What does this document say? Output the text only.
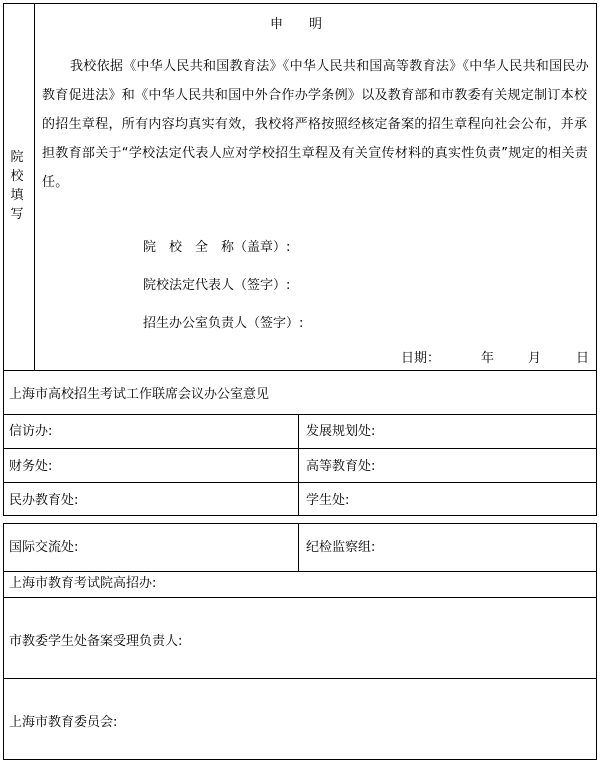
院
校
填
写
申　　明
我校依据《中华人民共和国教育法》《中华人民共和国高等教育法》《中华人民共和国民办教育促进法》和《中华人民共和国中外合作办学条例》以及教育部和市教委有关规定制订本校的招生章程，所有内容均真实有效，我校将严格按照经核定备案的招生章程向社会公布，并承担教育部关于“学校法定代表人应对学校招生章程及有关宣传材料的真实性负责”规定的相关责任。
院　校　全　称（盖章）:
院校法定代表人（签字）:
招生办公室负责人（签字）:
日期：	年	月	日
上海市高校招生考试工作联席会议办公室意见
信访办:	发展规划处:
财务处:	高等教育处:
民办教育处:	学生处:
国际交流处:	纪检监察组:
上海市教育考试院高招办:
市教委学生处备案受理负责人:
上海市教育委员会:
